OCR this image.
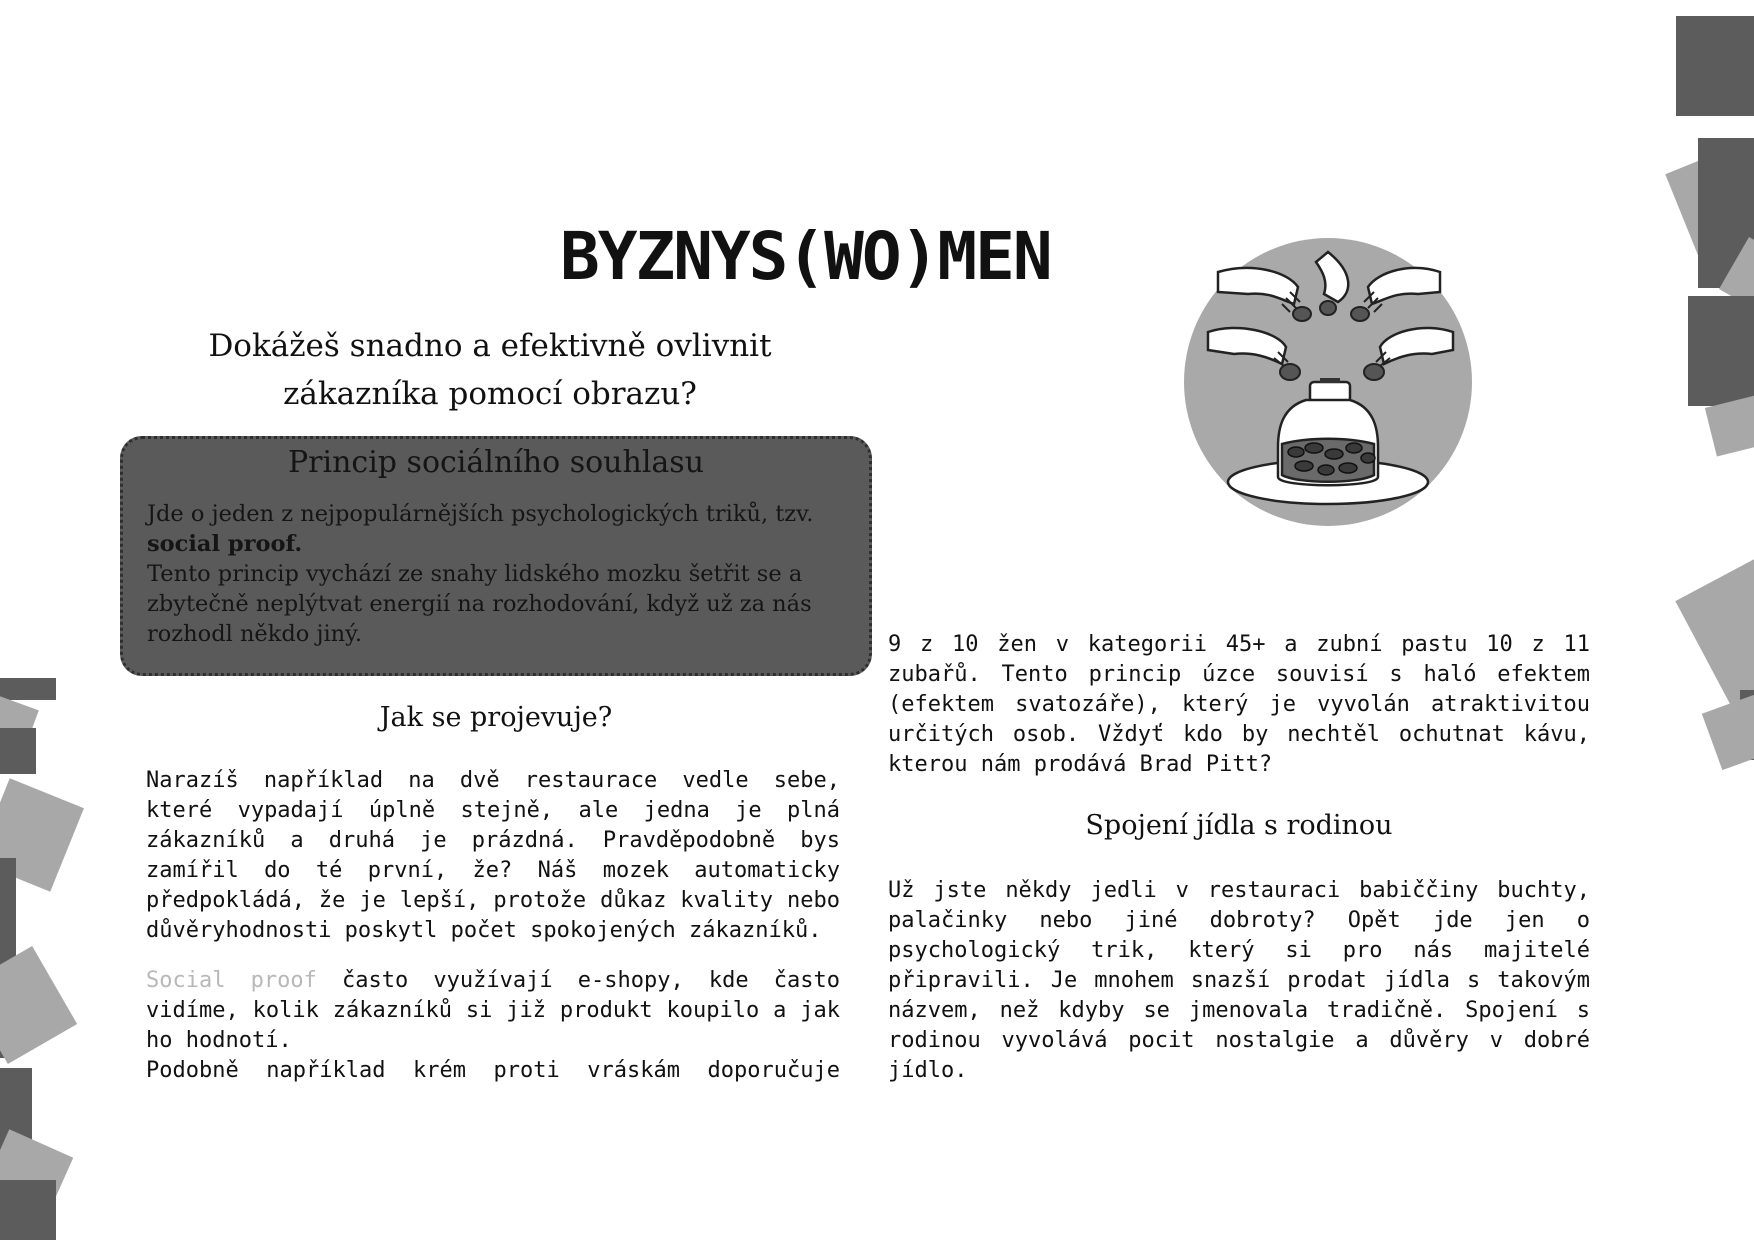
BYZNYS(WO)MEN
Dokážeš snadno a efektivně ovlivnit
zákazníka pomocí obrazu?
Princip sociálního souhlasu

Jde o jeden z nejpopulárnějších psychologických triků, tzv. social proof.

Tento princip vychází ze snahy lidského mozku šetřit se a zbytečně neplýtvat energií na rozhodování, když už za nás rozhodl někdo jiný.

Jak se projevuje?

Narazíš například na dvě restaurace vedle sebe, které vypadají úplně stejně, ale jedna je plná zákazníků a druhá je prázdná. Pravděpodobně bys zamířil do té první, že? Náš mozek automaticky předpokládá, že je lepší, protože důkaz kvality nebo důvěryhodnosti poskytl počet spokojených zákazníků.

Social proof často využívají e-shopy, kde často vidíme, kolik zákazníků si již produkt koupilo a jak ho hodnotí.

Podobně například krém proti vráskám doporučuje

9 z 10 žen v kategorii 45+ a zubní pastu 10 z 11 zubařů. Tento princip úzce souvisí s haló efektem (efektem svatozáře), který je vyvolán atraktivitou určitých osob. Vždyť kdo by nechtěl ochutnat kávu, kterou nám prodává Brad Pitt?

Spojení jídla s rodinou

Už jste někdy jedli v restauraci babiččiny buchty, palačinky nebo jiné dobroty? Opět jde jen o psychologický trik, který si pro nás majitelé připravili. Je mnohem snazší prodat jídla s takovým názvem, než kdyby se jmenovala tradičně. Spojení s rodinou vyvolává pocit nostalgie a důvěry v dobré jídlo.
